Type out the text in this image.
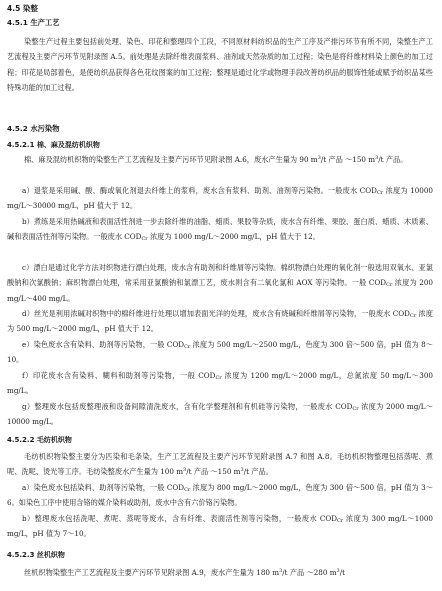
4.5 染整
4.5.1 生产工艺

染整生产过程主要包括前处理、染色、印花和整理四个工段，不同原材料纺织品的生产工序及产排污环节有所不同，染整生产工艺流程及主要产污环节见附录图 A.5。前处理是去除纤维表面浆料、油剂或天然杂质的加工过程；染色是将纤维材料染上颜色的加工过程；印花是局部着色，是使纺织品获得各色花纹图案的加工过程；整理是通过化学或物理手段改善纺织品的服饰性能或赋予纺织品某些特殊功能的加工过程。

4.5.2 水污染物
4.5.2.1 棉、麻及混纺机织物

棉、麻及混纺机织物的染整生产工艺流程及主要产污环节见附录图 A.6，废水产生量为 90 $m^3/t$ 产品 ～150 $m^3/t$ 产品。

a）退浆是采用碱、酸、酶或氧化剂退去纤维上的浆料，废水含有浆料、助剂、油剂等污染物。一般废水 $COD_{Cr}$ 浓度为 10000 mg/L～30000 mg/L，pH 值大于 12。

b）煮练是采用热碱液和表面活性剂进一步去除纤维的油脂、蜡质、果胶等杂质，废水含有纤维、果胶、蛋白质、蜡质、木质素、碱和表面活性剂等污染物。一般废水 $COD_{Cr}$ 浓度为 1000 mg/L～2000 mg/L，pH 值大于 12。

c）漂白是通过化学方法对织物进行漂白处理，废水含有助剂和纤维屑等污染物。棉织物漂白处理的氧化剂一般选用双氧水、亚氯酸钠和次氯酸钠；麻织物漂白处理，常采用亚氯酸钠和氯漂工艺，废水则含有二氧化氯和 AOX 等污染物。一般 $COD_{Cr}$ 浓度为 200 mg/L～400 mg/L。

d）丝光是利用浓碱对织物中的棉纤维进行处理以增加表面光洋的处理，废水含有烧碱和纤维屑等污染物，一般废水 $COD_{Cr}$ 浓度为 500 mg/L～2000 mg/L，pH 值大于 12。

e）染色废水含有染料、助剂等污染物，一般 $COD_{Cr}$ 浓度为 500 mg/L～2500 mg/L，色度为 300 倍～500 倍，pH 值为 8～10。

f）印花废水含有染料、糊料和助剂等污染物，一般 $COD_{Cr}$ 浓度为 1200 mg/L～2000 mg/L，总氮浓度 50 mg/L～300 mg/L。

g）整理废水包括废整理液和设备间隙清洗废水，含有化学整理剂和有机硅等污染物，一般废水 $COD_{Cr}$ 浓度为 2000 mg/L～10000 mg/L。

4.5.2.2 毛纺机织物

毛纺机织物染整主要分为匹染和毛条染，生产工艺流程及主要产污环节见附录图 A.7 和图 A.8。毛纺机织物整理包括蒸呢、煮呢、洗呢、烫光等工序。毛纺染整废水产生量为 100 $m^3/t$ 产品 ～150 $m^3/t$ 产品。

a）染色废水包括染料、助剂等污染物，一般 $COD_{Cr}$ 浓度为 800 mg/L～2000 mg/L，色度为 300 倍～500 倍，pH 值为 3～6。如染色工序中使用含铬的媒介染料或助剂，废水中含有六价铬污染物。

b）整理废水包括洗呢、煮呢、蒸呢等废水，含有纤维、表面活性剂等污染物，一般废水 $COD_{Cr}$ 浓度为 300 mg/L～1000 mg/L，pH 值为 7～10。

4.5.2.3 丝机织物

丝机织物染整生产工艺流程及主要产污环节见附录图 A.9，废水产生量为 180 $m^3/t$ 产品 ～280 $m^3/t$
